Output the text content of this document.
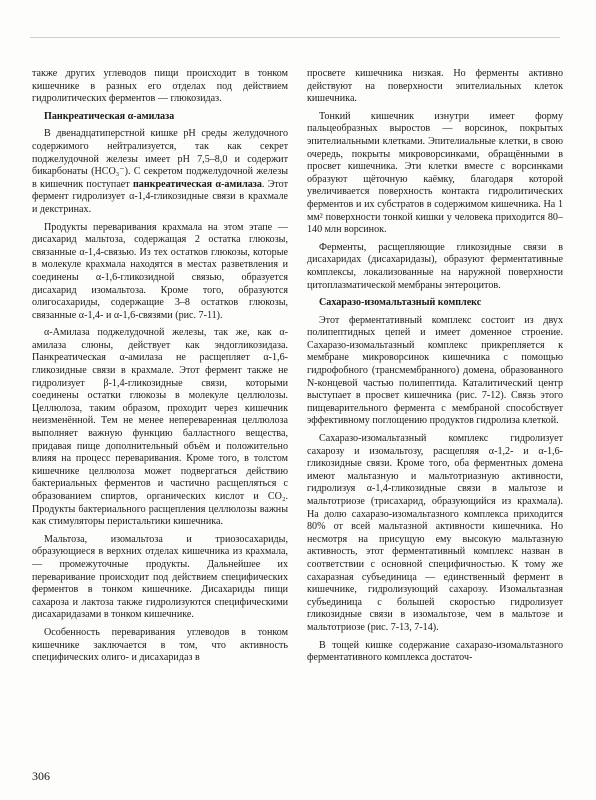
также других углеводов пищи происходит в тонком кишечнике в разных его отделах под действием гидролитических ферментов — глюкозидаз.

Панкреатическая α-амилаза

В двенадцатиперстной кишке pH среды желудочного содержимого нейтрализуется, так как секрет поджелудочной железы имеет pH 7,5–8,0 и содержит бикарбонаты (HCO₃⁻). С секретом поджелудочной железы в кишечник поступает панкреатическая α-амилаза. Этот фермент гидролизует α-1,4-гликозидные связи в крахмале и декстринах.

Продукты переваривания крахмала на этом этапе — дисахарид мальтоза, содержащая 2 остатка глюкозы, связанные α-1,4-связью. Из тех остатков глюкозы, которые в молекуле крахмала находятся в местах разветвления и соединены α-1,6-гликозидной связью, образуется дисахарид изомальтоза. Кроме того, образуются олигосахариды, содержащие 3–8 остатков глюкозы, связанные α-1,4- и α-1,6-связями (рис. 7-11).

α-Амилаза поджелудочной железы, так же, как α-амилаза слюны, действует как эндогликозидаза. Панкреатическая α-амилаза не расщепляет α-1,6-гликозидные связи в крахмале. Этот фермент также не гидролизует β-1,4-гликозидные связи, которыми соединены остатки глюкозы в молекуле целлюлозы. Целлюлоза, таким образом, проходит через кишечник неизменённой. Тем не менее непереваренная целлюлоза выполняет важную функцию балластного вещества, придавая пище дополнительный объём и положительно влияя на процесс переваривания. Кроме того, в толстом кишечнике целлюлоза может подвергаться действию бактериальных ферментов и частично расщепляться с образованием спиртов, органических кислот и CO₂. Продукты бактериального расщепления целлюлозы важны как стимуляторы перистальтики кишечника.

Мальтоза, изомальтоза и триозосахариды, образующиеся в верхних отделах кишечника из крахмала, — промежуточные продукты. Дальнейшее их переваривание происходит под действием специфических ферментов в тонком кишечнике. Дисахариды пищи сахароза и лактоза также гидролизуются специфическими дисахаридазами в тонком кишечнике.

Особенность переваривания углеводов в тонком кишечнике заключается в том, что активность специфических олиго- и дисахаридаз в

просвете кишечника низкая. Но ферменты активно действуют на поверхности эпителиальных клеток кишечника.

Тонкий кишечник изнутри имеет форму пальцеобразных выростов — ворсинок, покрытых эпителиальными клетками. Эпителиальные клетки, в свою очередь, покрыты микроворсинками, обращёнными в просвет кишечника. Эти клетки вместе с ворсинками образуют щёточную каёмку, благодаря которой увеличивается поверхность контакта гидролитических ферментов и их субстратов в содержимом кишечника. На 1 мм² поверхности тонкой кишки у человека приходится 80–140 млн ворсинок.

Ферменты, расщепляющие гликозидные связи в дисахаридах (дисахаридазы), образуют ферментативные комплексы, локализованные на наружной поверхности цитоплазматической мембраны энтероцитов.

Сахаразо-изомальтазный комплекс

Этот ферментативный комплекс состоит из двух полипептидных цепей и имеет доменное строение. Сахаразо-изомальтазный комплекс прикрепляется к мембране микроворсинок кишечника с помощью гидрофобного (трансмембранного) домена, образованного N-концевой частью полипептида. Каталитический центр выступает в просвет кишечника (рис. 7-12). Связь этого пищеварительного фермента с мембраной способствует эффективному поглощению продуктов гидролиза клеткой.

Сахаразо-изомальтазный комплекс гидролизует сахарозу и изомальтозу, расщепляя α-1,2- и α-1,6-гликозидные связи. Кроме того, оба ферментных домена имеют мальтазную и мальтотриазную активности, гидролизуя α-1,4-гликозидные связи в мальтозе и мальтотриозе (трисахарид, образующийся из крахмала). На долю сахаразо-изомальтазного комплекса приходится 80% от всей мальтазной активности кишечника. Но несмотря на присущую ему высокую мальтазную активность, этот ферментативный комплекс назван в соответствии с основной специфичностью. К тому же сахаразная субъединица — единственный фермент в кишечнике, гидролизующий сахарозу. Изомальтазная субъединица с большей скоростью гидролизует гликозидные связи в изомальтозе, чем в мальтозе и мальтотриозе (рис. 7-13, 7-14).

В тощей кишке содержание сахаразо-изомальтазного ферментативного комплекса достаточ-

306
